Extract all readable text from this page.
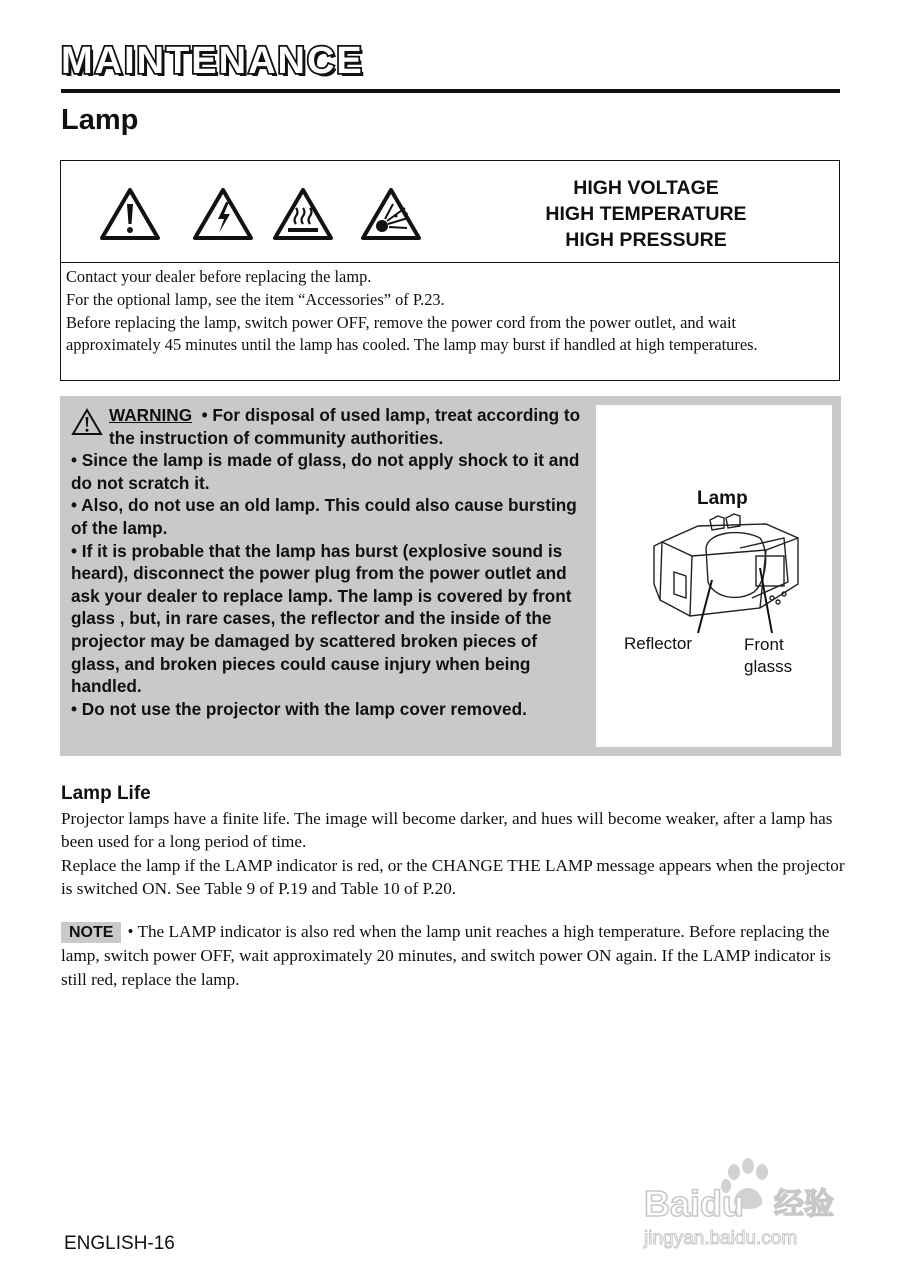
MAINTENANCE
Lamp
HIGH VOLTAGE
HIGH TEMPERATURE
HIGH PRESSURE
Contact your dealer before replacing the lamp.
For the optional lamp, see the item “Accessories” of P.23.
Before replacing the lamp, switch power OFF, remove the power cord from the power outlet, and wait approximately 45 minutes until the lamp has cooled. The lamp may burst if handled at high temperatures.
WARNING • For disposal of used lamp, treat according to the instruction of community authorities.
• Since the lamp is made of glass, do not apply shock to it and do not scratch it.
• Also, do not use an old lamp. This could also cause bursting of the lamp.
• If it is probable that the lamp has burst (explosive sound is heard), disconnect the power plug from the power outlet and ask your dealer to replace lamp. The lamp is covered by front glass , but, in rare cases, the reflector and the inside of the projector may be damaged by scattered broken pieces of glass, and broken pieces could cause injury when being handled.
• Do not use the projector with the lamp cover removed.
Lamp
Reflector	Front
glasss
Lamp Life
Projector lamps have a finite life. The image will become darker, and hues will become weaker, after a lamp has been used for a long period of time.
Replace the lamp if the LAMP indicator is red, or the CHANGE THE LAMP message appears when the projector is switched ON. See Table 9 of P.19 and Table 10 of P.20.
NOTE • The LAMP indicator is also red when the lamp unit reaches a high temperature. Before replacing the lamp, switch power OFF, wait approximately 20 minutes, and switch power ON again. If the LAMP indicator is still red, replace the lamp.
ENGLISH-16
Baidu 经验
jingyan.baidu.com
